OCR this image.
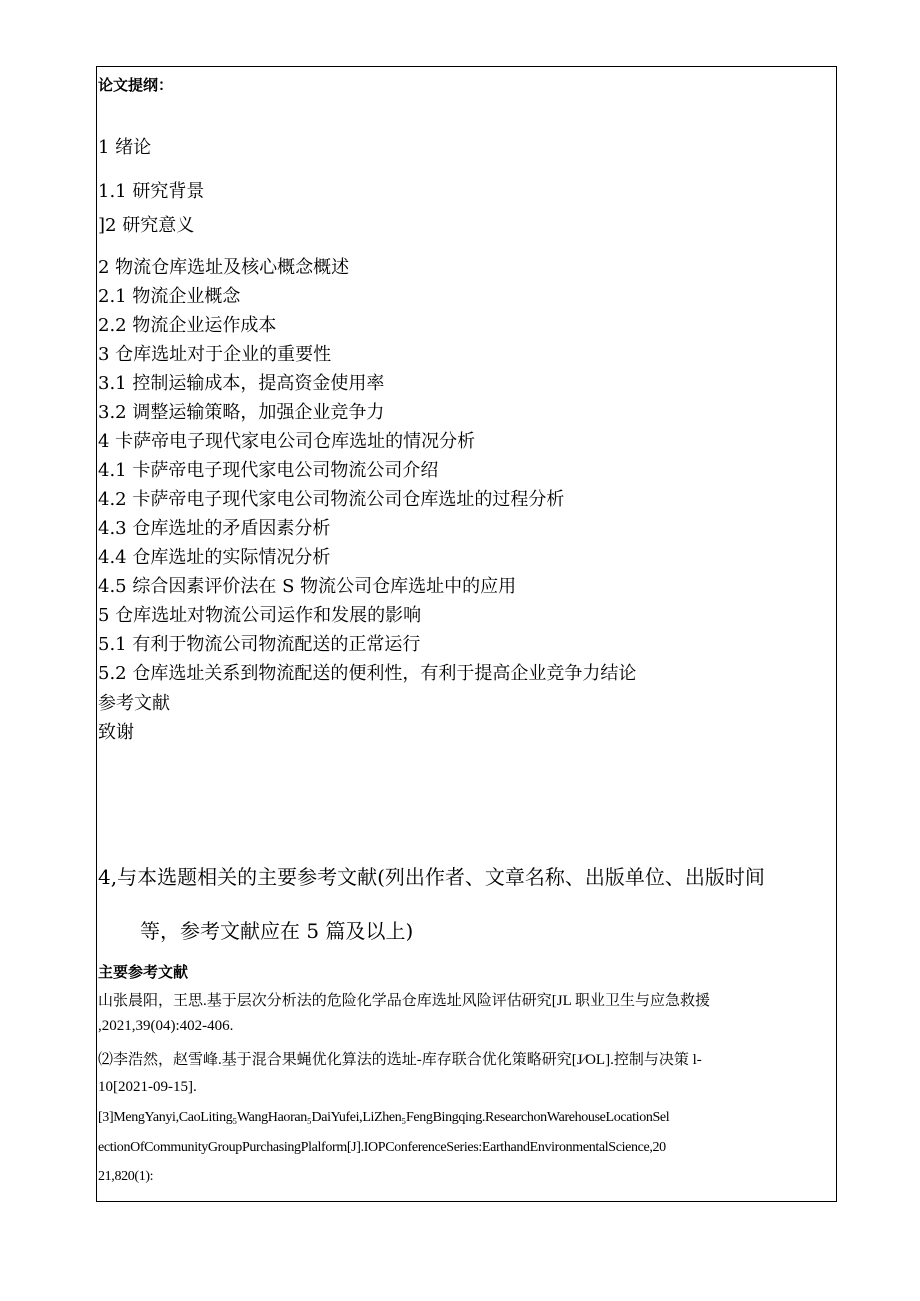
论文提纲：
1 绪论
1.1 研究背景
]2 研究意义
2 物流仓库选址及核心概念概述
2.1 物流企业概念
2.2 物流企业运作成本
3 仓库选址对于企业的重要性
3.1 控制运输成本，提高资金使用率
3.2 调整运输策略，加强企业竞争力
4 卡萨帝电子现代家电公司仓库选址的情况分析
4.1 卡萨帝电子现代家电公司物流公司介绍
4.2 卡萨帝电子现代家电公司物流公司仓库选址的过程分析
4.3 仓库选址的矛盾因素分析
4.4 仓库选址的实际情况分析
4.5 综合因素评价法在 S 物流公司仓库选址中的应用
5 仓库选址对物流公司运作和发展的影响
5.1 有利于物流公司物流配送的正常运行
5.2 仓库选址关系到物流配送的便利性，有利于提高企业竞争力结论
参考文献
致谢
4,与本选题相关的主要参考文献(列出作者、文章名称、出版单位、出版时间
等，参考文献应在 5 篇及以上)
主要参考文献
山张晨阳，王思.基于层次分析法的危险化学品仓库选址风险评估研究[JL 职业卫生与应急救援
,2021,39(04):402-406.
⑵李浩然，赵雪峰.基于混合果蝇优化算法的选址-库存联合优化策略研究[J⁄OL].控制与决策 l-
10[2021-09-15].
[3]MengYanyi,CaoLiting₅WangHaoran₅DaiYufei,LiZhen₅FengBingqing.ResearchonWarehouseLocationSel
ectionOfCommunityGroupPurchasingPlalform[J].IOPConferenceSeries:EarthandEnvironmentalScience,20
21,820(1):
